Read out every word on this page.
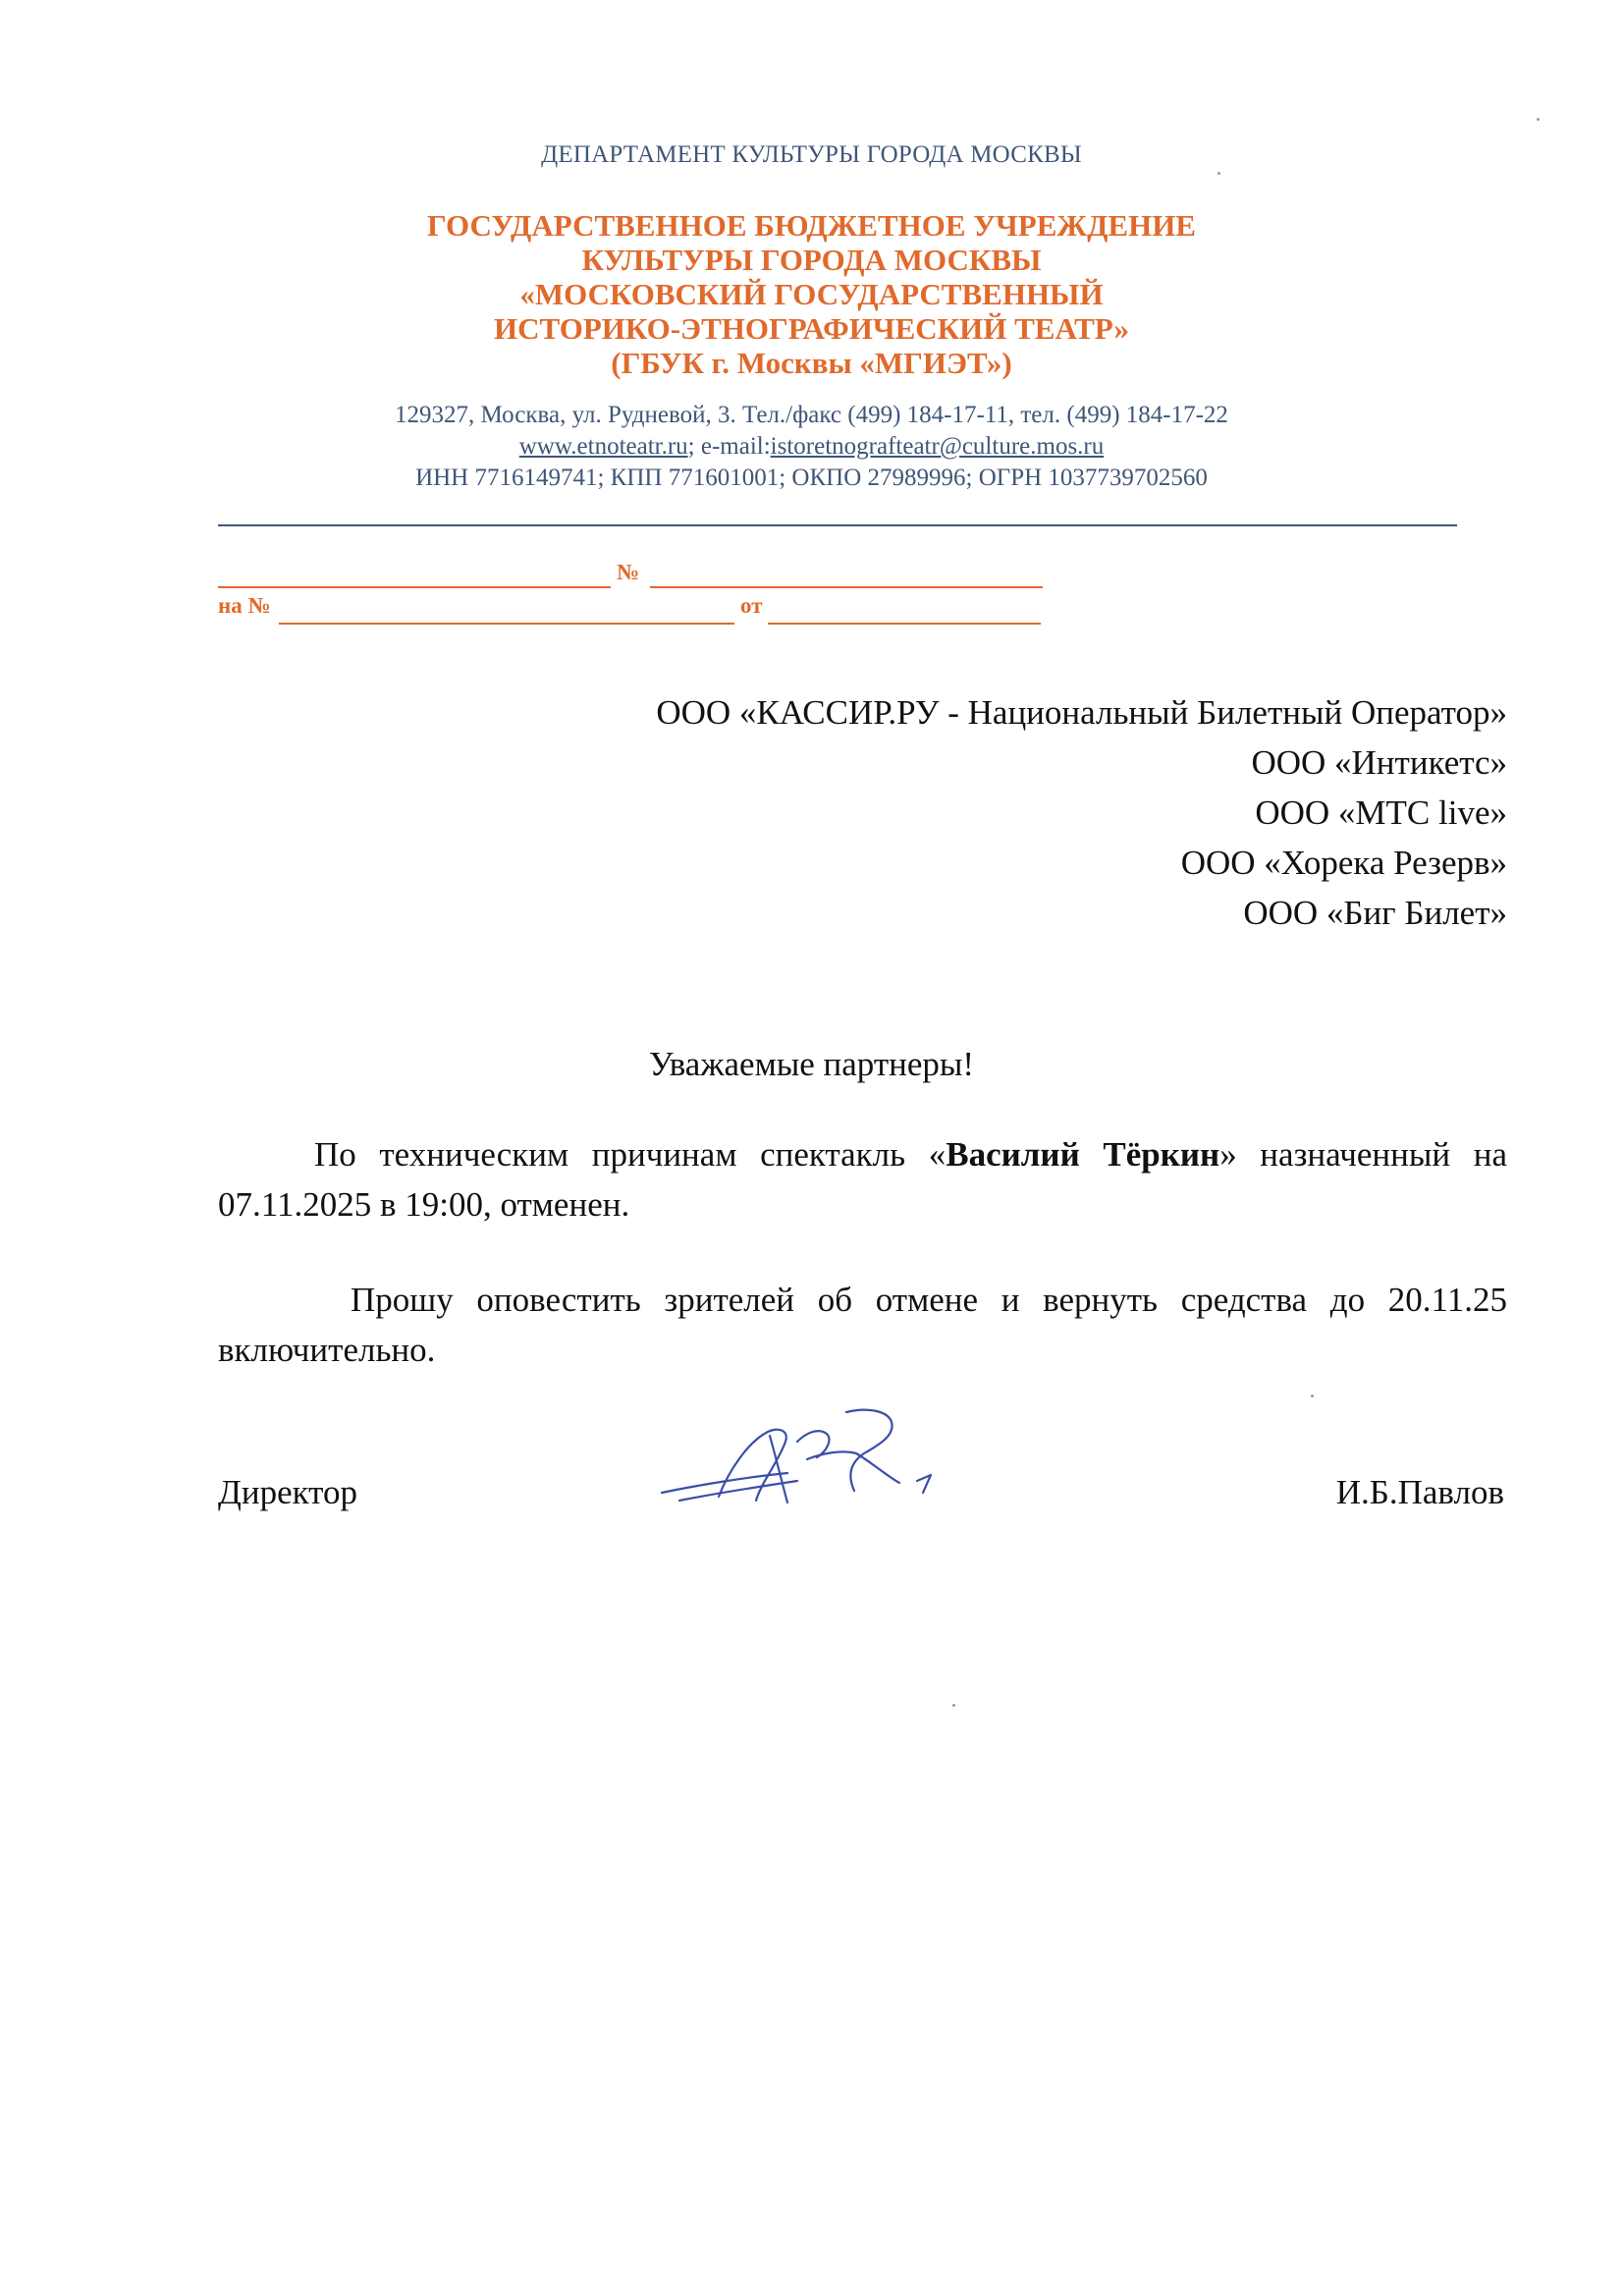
ДЕПАРТАМЕНТ КУЛЬТУРЫ ГОРОДА МОСКВЫ
ГОСУДАРСТВЕННОЕ БЮДЖЕТНОЕ УЧРЕЖДЕНИЕ
КУЛЬТУРЫ ГОРОДА МОСКВЫ
«МОСКОВСКИЙ ГОСУДАРСТВЕННЫЙ
ИСТОРИКО-ЭТНОГРАФИЧЕСКИЙ ТЕАТР»
(ГБУК г. Москвы «МГИЭТ»)
129327, Москва, ул. Рудневой, 3. Тел./факс (499) 184-17-11, тел. (499) 184-17-22
www.etnoteatr.ru; e-mail:istoretnografteatr@culture.mos.ru
ИНН 7716149741; КПП 771601001; ОКПО 27989996; ОГРН 1037739702560
№
на №	от
ООО «КАССИР.РУ - Национальный Билетный Оператор»
ООО «Интикетс»
ООО «МТС live»
ООО «Хорека Резерв»
ООО «Биг Билет»
Уважаемые партнеры!
По техническим причинам спектакль «Василий Тёркин» назначенный на 07.11.2025 в 19:00, отменен.
Прошу оповестить зрителей об отмене и вернуть средства до 20.11.25 включительно.
Директор	И.Б.Павлов
